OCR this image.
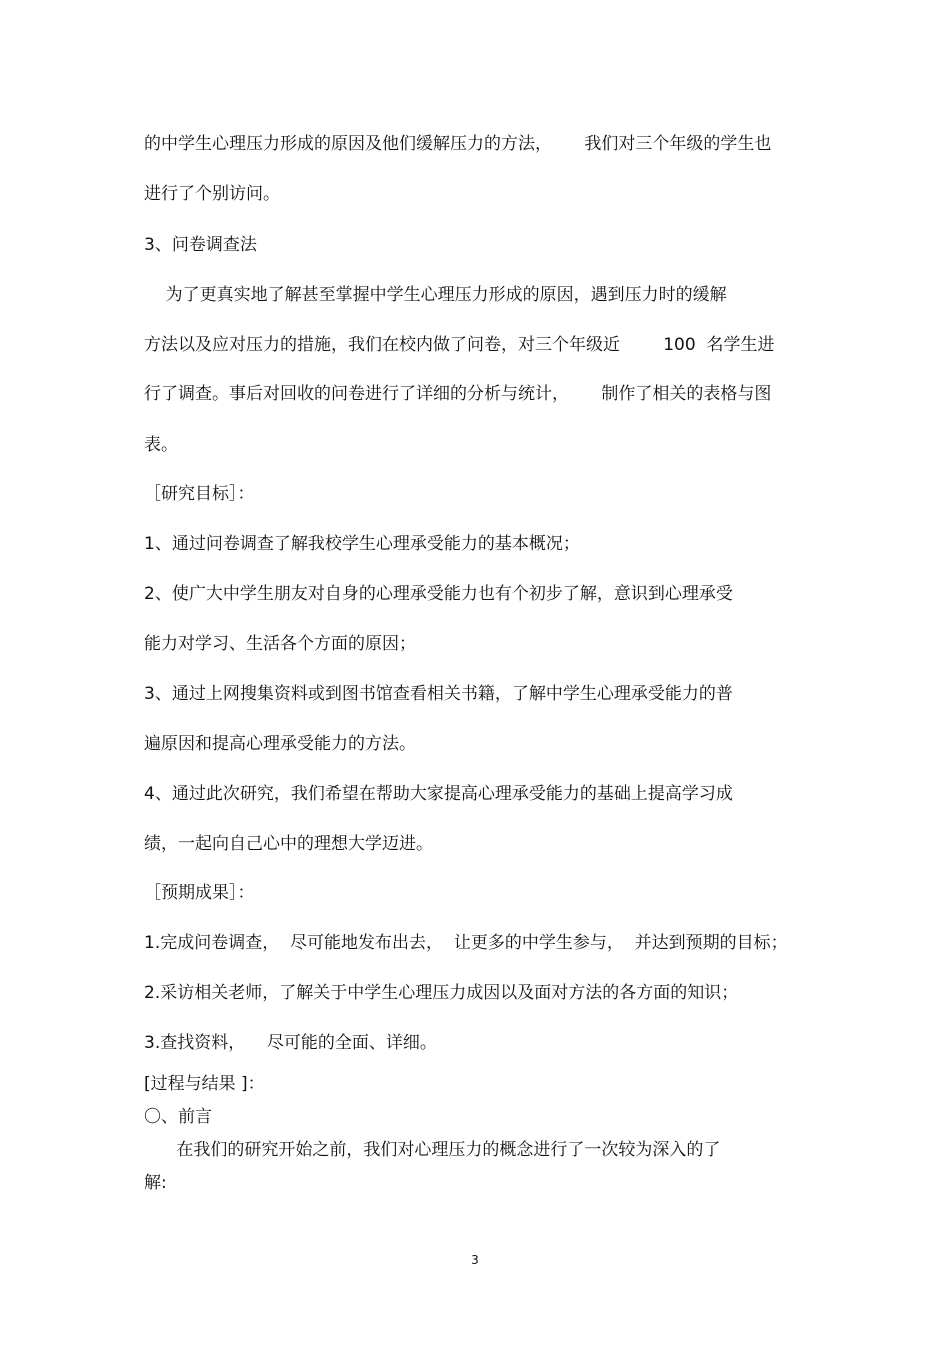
的中学生心理压力形成的原因及他们缓解压力的方法，      我们对三个年级的学生也

进行了个别访问。

3、问卷调查法

为了更真实地了解甚至掌握中学生心理压力形成的原因，遇到压力时的缓解

方法以及应对压力的措施，我们在校内做了问卷，对三个年级近        100  名学生进

行了调查。事后对回收的问卷进行了详细的分析与统计，      制作了相关的表格与图

表。

［研究目标］：

1、通过问卷调查了解我校学生心理承受能力的基本概况；

2、使广大中学生朋友对自身的心理承受能力也有个初步了解，意识到心理承受

能力对学习、生活各个方面的原因；

3、通过上网搜集资料或到图书馆查看相关书籍，了解中学生心理承受能力的普

遍原因和提高心理承受能力的方法。

4、通过此次研究，我们希望在帮助大家提高心理承受能力的基础上提高学习成

绩，一起向自己心中的理想大学迈进。

［预期成果］：

1.完成问卷调查，  尽可能地发布出去，  让更多的中学生参与，  并达到预期的目标；

2.采访相关老师，了解关于中学生心理压力成因以及面对方法的各方面的知识；

3.查找资料，    尽可能的全面、详细。

[过程与结果 ]：

〇、前言

在我们的研究开始之前，我们对心理压力的概念进行了一次较为深入的了

解:

3
